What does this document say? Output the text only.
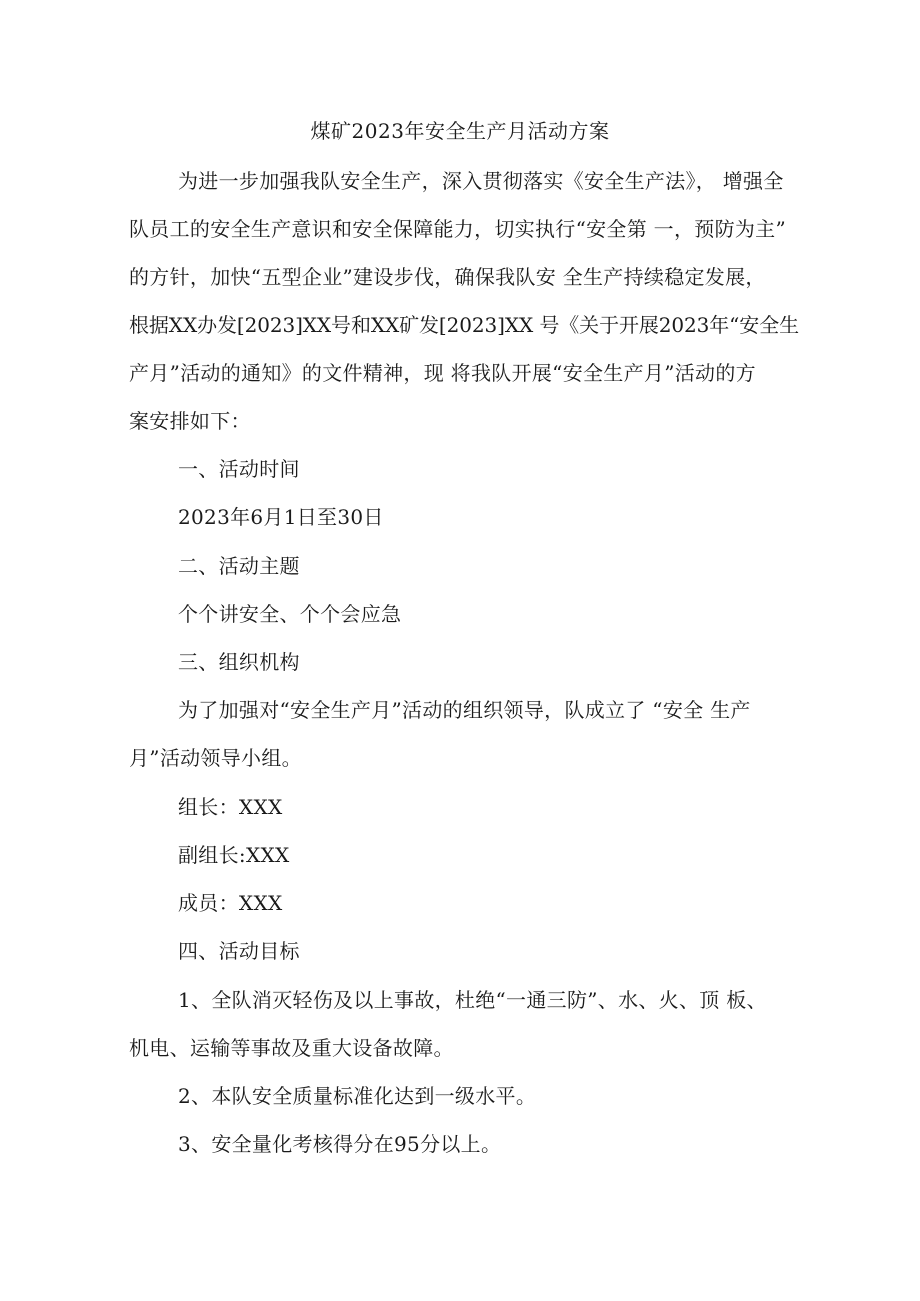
煤矿2023年安全生产月活动方案
为进一步加强我队安全生产，深入贯彻落实《安全生产法》， 增强全
队员工的安全生产意识和安全保障能力，切实执行“安全第 一，预防为主”
的方针，加快“五型企业”建设步伐，确保我队安 全生产持续稳定发展，
根据XX办发[2023]XX号和XX矿发[2023]XX 号《关于开展2023年“安全生
产月”活动的通知》的文件精神，现 将我队开展“安全生产月”活动的方
案安排如下：
一、活动时间
2023年6月1日至30日
二、活动主题
个个讲安全、个个会应急
三、组织机构
为了加强对“安全生产月”活动的组织领导，队成立了 “安全 生产
月”活动领导小组。
组长：XXX
副组长:XXX
成员：XXX
四、活动目标
1、全队消灭轻伤及以上事故，杜绝“一通三防”、水、火、顶 板、
机电、运输等事故及重大设备故障。
2、本队安全质量标准化达到一级水平。
3、安全量化考核得分在95分以上。
